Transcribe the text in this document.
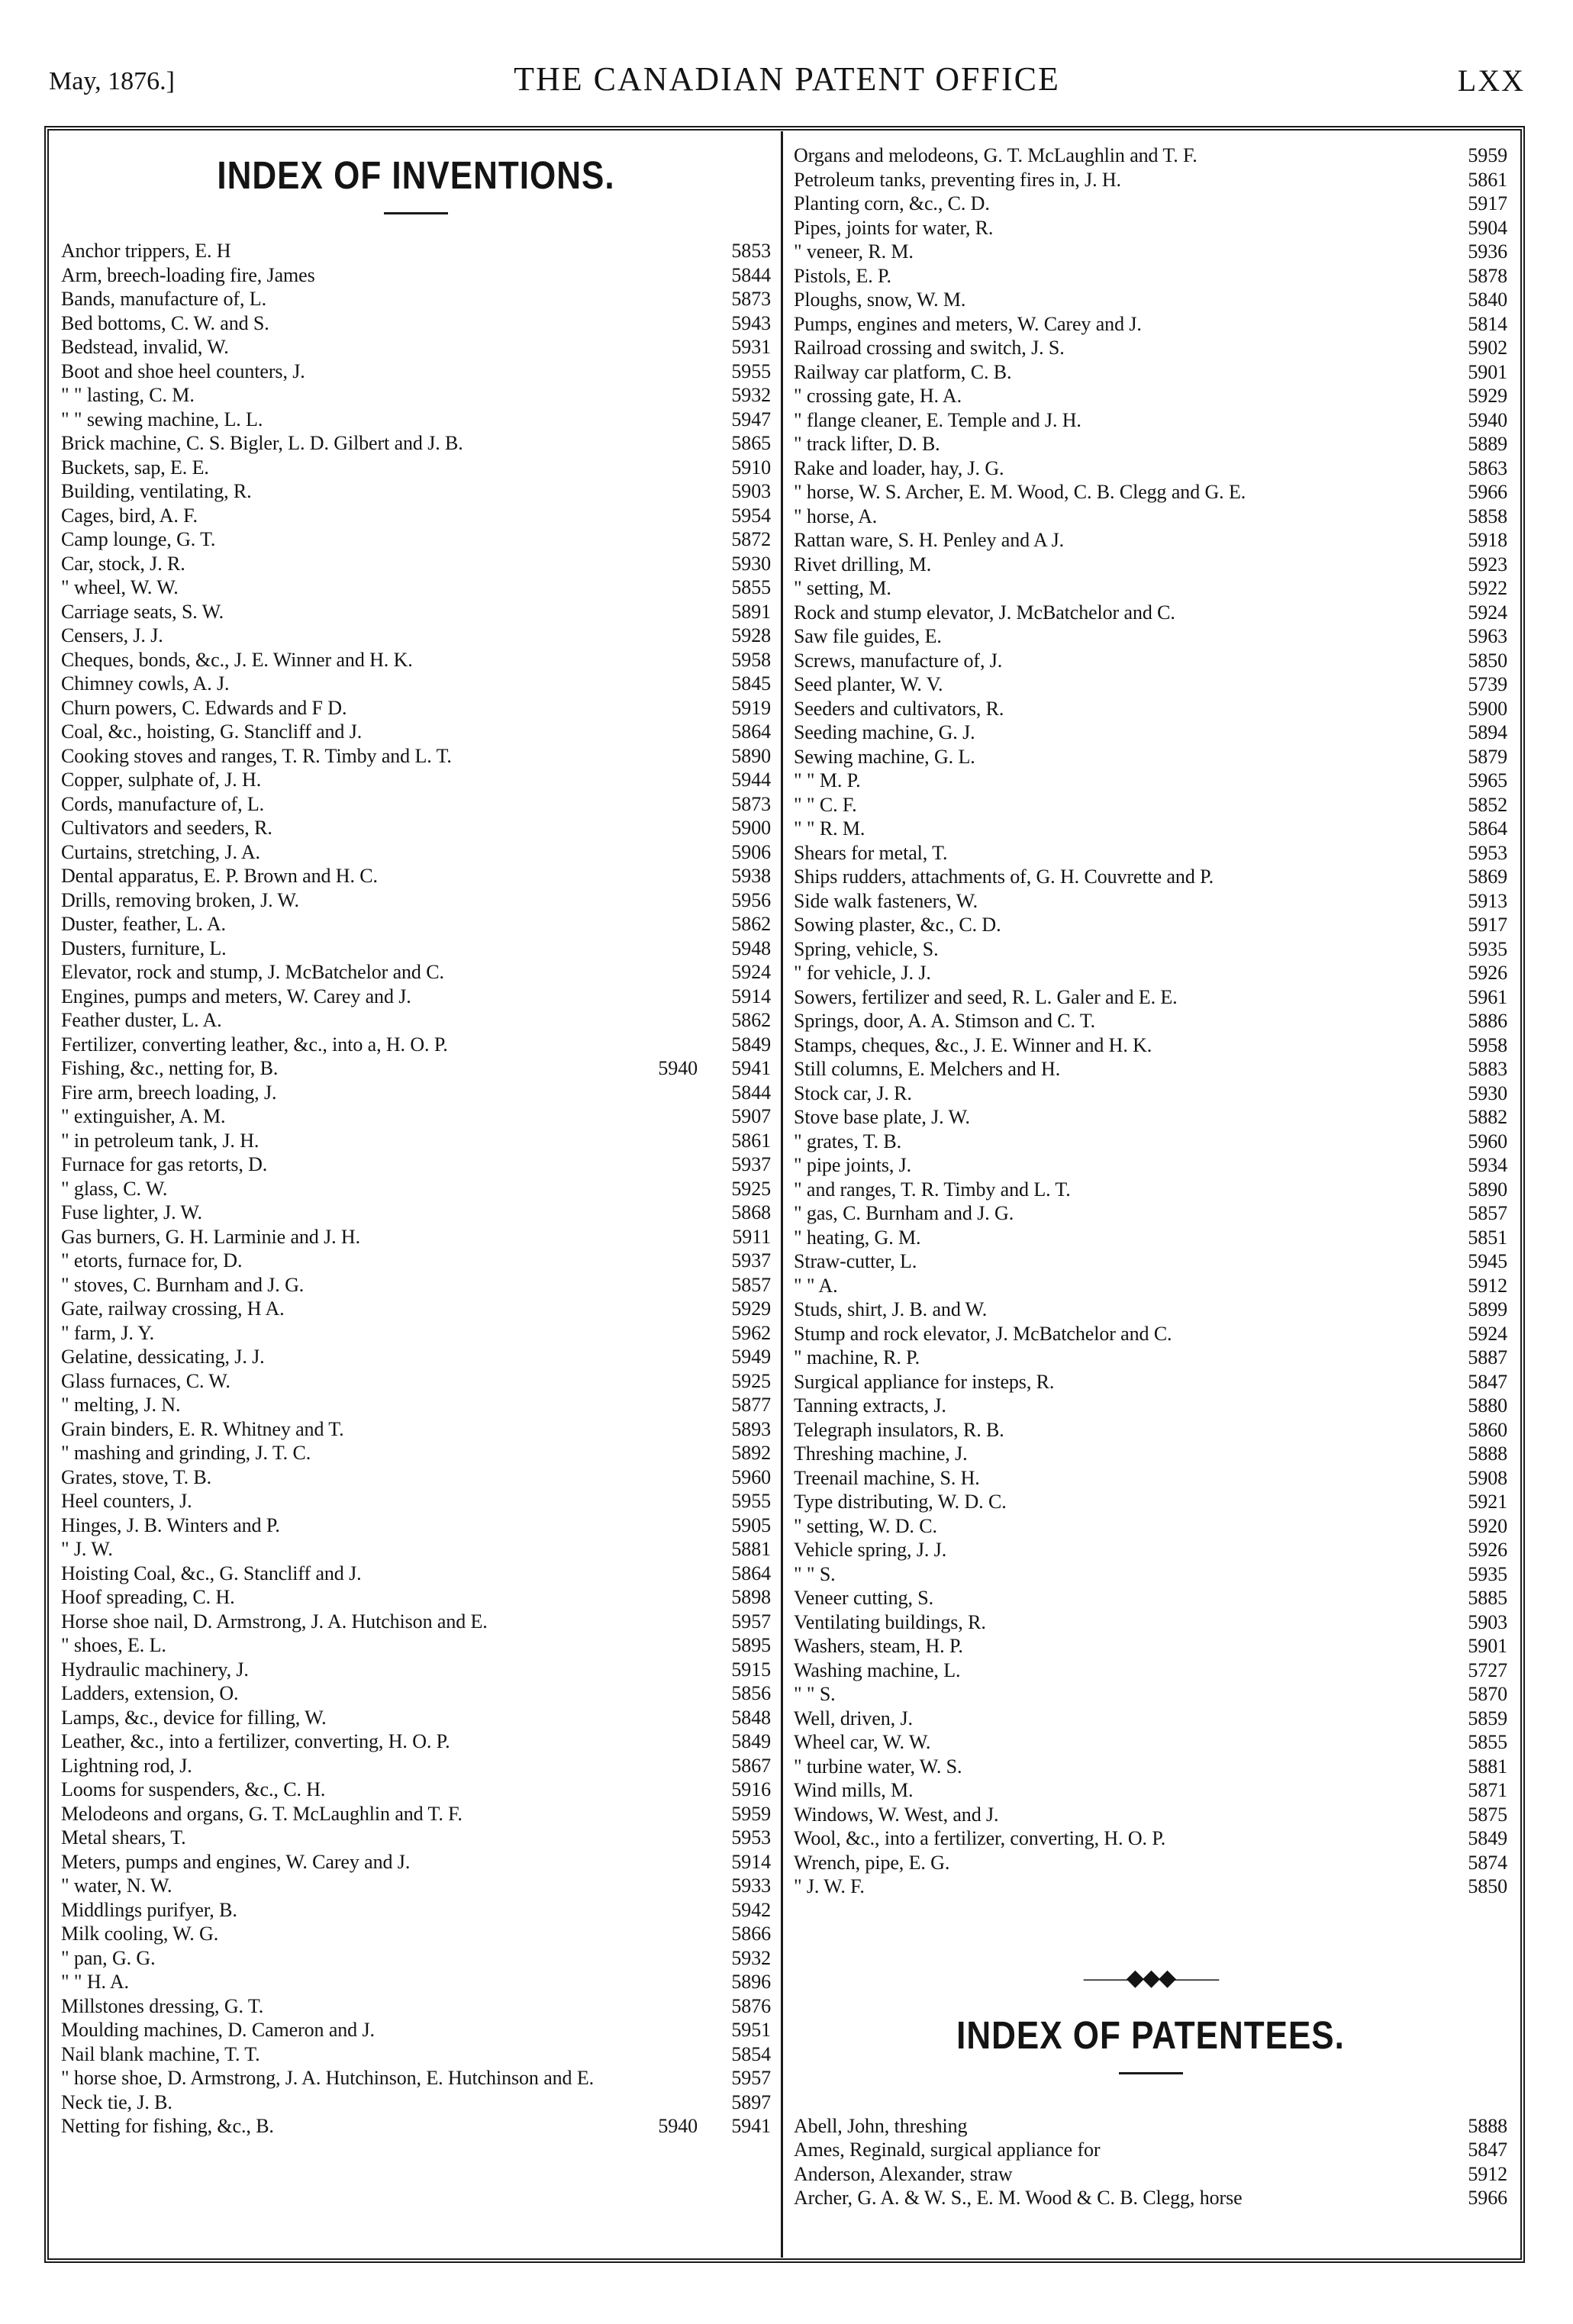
May, 1876.]	THE CANADIAN PATENT OFFICE	LXX
INDEX OF INVENTIONS.
Anchor trippers, E. H .....	5853
Arm, breech-loading fire, James .....	5844
Bands, manufacture of, L. .....	5873
Bed bottoms, C. W. and S. .....	5943
Bedstead, invalid, W. .....	5931
Boot and shoe heel counters, J. .....	5955
" " lasting, C. M. .....	5932
" " sewing machine, L. L. .....	5947
Brick machine, C. S. Bigler, L. D. Gilbert and J. B. .....	5865
Buckets, sap, E. E. .....	5910
Building, ventilating, R. .....	5903
Cages, bird, A. F. .....	5954
Camp lounge, G. T. .....	5872
Car, stock, J. R. .....	5930
" wheel, W. W. .....	5855
Carriage seats, S. W. .....	5891
Censers, J. J. .....	5928
Cheques, bonds, &c., J. E. Winner and H. K. .....	5958
Chimney cowls, A. J. .....	5845
Churn powers, C. Edwards and F D. .....	5919
Coal, &c., hoisting, G. Stancliff and J. .....	5864
Cooking stoves and ranges, T. R. Timby and L. T. .....	5890
Copper, sulphate of, J. H. .....	5944
Cords, manufacture of, L. .....	5873
Cultivators and seeders, R. .....	5900
Curtains, stretching, J. A. .....	5906
Dental apparatus, E. P. Brown and H. C. .....	5938
Drills, removing broken, J. W. .....	5956
Duster, feather, L. A. .....	5862
Dusters, furniture, L. .....	5948
Elevator, rock and stump, J. McBatchelor and C. .....	5924
Engines, pumps and meters, W. Carey and J. .....	5914
Feather duster, L. A. .....	5862
Fertilizer, converting leather, &c., into a, H. O. P. .....	5849
Fishing, &c., netting for, B. .....	5940	5941
Fire arm, breech loading, J. .....	5844
" extinguisher, A. M. .....	5907
" in petroleum tank, J. H. .....	5861
Furnace for gas retorts, D. .....	5937
" glass, C. W. .....	5925
Fuse lighter, J. W. .....	5868
Gas burners, G. H. Larminie and J. H. .....	5911
" etorts, furnace for, D. .....	5937
" stoves, C. Burnham and J. G. .....	5857
Gate, railway crossing, H A. .....	5929
" farm, J. Y. .....	5962
Gelatine, dessicating, J. J. .....	5949
Glass furnaces, C. W. .....	5925
" melting, J. N. .....	5877
Grain binders, E. R. Whitney and T. .....	5893
" mashing and grinding, J. T. C. .....	5892
Grates, stove, T. B. .....	5960
Heel counters, J. .....	5955
Hinges, J. B. Winters and P. .....	5905
" J. W. .....	5881
Hoisting Coal, &c., G. Stancliff and J. .....	5864
Hoof spreading, C. H. .....	5898
Horse shoe nail, D. Armstrong, J. A. Hutchison and E. .....	5957
" shoes, E. L. .....	5895
Hydraulic machinery, J. .....	5915
Ladders, extension, O. .....	5856
Lamps, &c., device for filling, W. .....	5848
Leather, &c., into a fertilizer, converting, H. O. P. .....	5849
Lightning rod, J. .....	5867
Looms for suspenders, &c., C. H. .....	5916
Melodeons and organs, G. T. McLaughlin and T. F. .....	5959
Metal shears, T. .....	5953
Meters, pumps and engines, W. Carey and J. .....	5914
" water, N. W. .....	5933
Middlings purifyer, B. .....	5942
Milk cooling, W. G. .....	5866
" pan, G. G. .....	5932
" " H. A. .....	5896
Millstones dressing, G. T. .....	5876
Moulding machines, D. Cameron and J. .....	5951
Nail blank machine, T. T. .....	5854
" horse shoe, D. Armstrong, J. A. Hutchinson, E. Hutchinson and E. .....	5957
Neck tie, J. B. .....	5897
Netting for fishing, &c., B. .....	5940	5941
Organs and melodeons, G. T. McLaughlin and T. F. .....	5959
Petroleum tanks, preventing fires in, J. H. .....	5861
Planting corn, &c., C. D. .....	5917
Pipes, joints for water, R. .....	5904
" veneer, R. M. .....	5936
Pistols, E. P. .....	5878
Ploughs, snow, W. M. .....	5840
Pumps, engines and meters, W. Carey and J. .....	5814
Railroad crossing and switch, J. S. .....	5902
Railway car platform, C. B. .....	5901
" crossing gate, H. A. .....	5929
" flange cleaner, E. Temple and J. H. .....	5940
" track lifter, D. B. .....	5889
Rake and loader, hay, J. G. .....	5863
" horse, W. S. Archer, E. M. Wood, C. B. Clegg and G. E. .....	5966
" horse, A. .....	5858
Rattan ware, S. H. Penley and A J. .....	5918
Rivet drilling, M. .....	5923
" setting, M. .....	5922
Rock and stump elevator, J. McBatchelor and C. .....	5924
Saw file guides, E. .....	5963
Screws, manufacture of, J. .....	5850
Seed planter, W. V. .....	5739
Seeders and cultivators, R. .....	5900
Seeding machine, G. J. .....	5894
Sewing machine, G. L. .....	5879
" " M. P. .....	5965
" " C. F. .....	5852
" " R. M. .....	5864
Shears for metal, T. .....	5953
Ships rudders, attachments of, G. H. Couvrette and P. .....	5869
Side walk fasteners, W. .....	5913
Sowing plaster, &c., C. D. .....	5917
Spring, vehicle, S. .....	5935
" for vehicle, J. J. .....	5926
Sowers, fertilizer and seed, R. L. Galer and E. E. .....	5961
Springs, door, A. A. Stimson and C. T. .....	5886
Stamps, cheques, &c., J. E. Winner and H. K. .....	5958
Still columns, E. Melchers and H. .....	5883
Stock car, J. R. .....	5930
Stove base plate, J. W. .....	5882
" grates, T. B. .....	5960
" pipe joints, J. .....	5934
" and ranges, T. R. Timby and L. T. .....	5890
" gas, C. Burnham and J. G. .....	5857
" heating, G. M. .....	5851
Straw-cutter, L. .....	5945
" " A. .....	5912
Studs, shirt, J. B. and W. .....	5899
Stump and rock elevator, J. McBatchelor and C. .....	5924
" machine, R. P. .....	5887
Surgical appliance for insteps, R. .....	5847
Tanning extracts, J. .....	5880
Telegraph insulators, R. B. .....	5860
Threshing machine, J. .....	5888
Treenail machine, S. H. .....	5908
Type distributing, W. D. C. .....	5921
" setting, W. D. C. .....	5920
Vehicle spring, J. J. .....	5926
" " S. .....	5935
Veneer cutting, S. .....	5885
Ventilating buildings, R. .....	5903
Washers, steam, H. P. .....	5901
Washing machine, L. .....	5727
" " S. .....	5870
Well, driven, J. .....	5859
Wheel car, W. W. .....	5855
" turbine water, W. S. .....	5881
Wind mills, M. .....	5871
Windows, W. West, and J. .....	5875
Wool, &c., into a fertilizer, converting, H. O. P. .....	5849
Wrench, pipe, E. G. .....	5874
" J. W. F. .....	5850
——◆◆◆——
INDEX OF PATENTEES.
Abell, John, threshing .....	5888
Ames, Reginald, surgical appliance for .....	5847
Anderson, Alexander, straw .....	5912
Archer, G. A. & W. S., E. M. Wood & C. B. Clegg, horse .....	5966
